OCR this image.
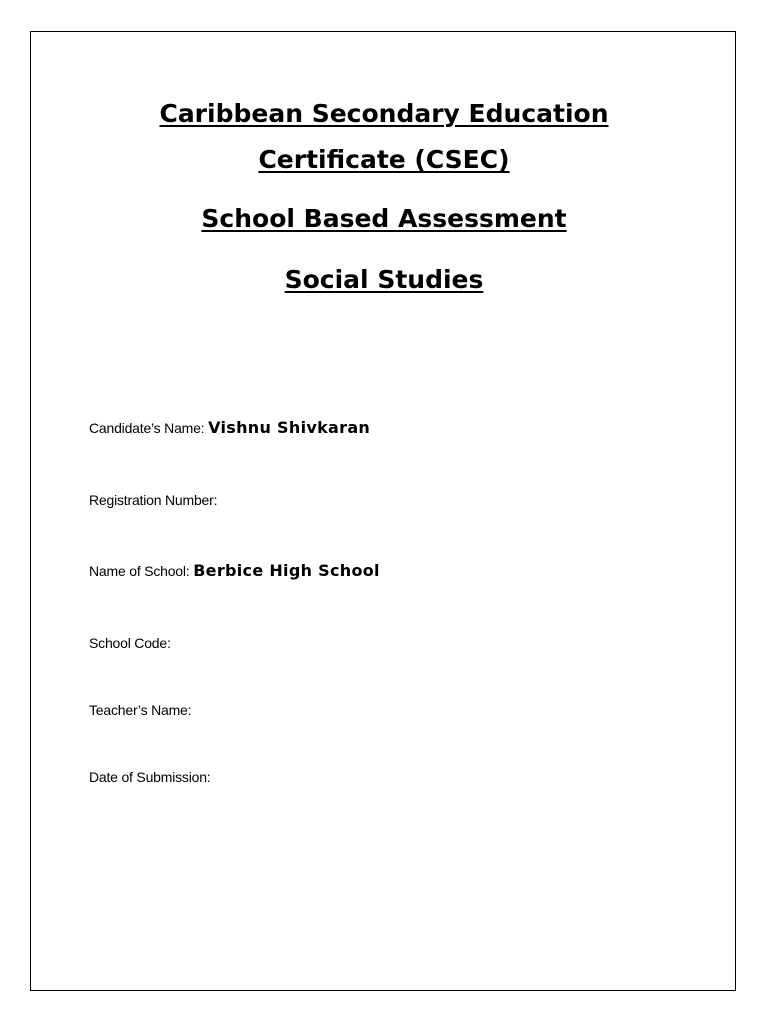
Caribbean Secondary Education
Certificate (CSEC)
School Based Assessment
Social Studies
Candidate’s Name: Vishnu Shivkaran
Registration Number:
Name of School: Berbice High School
School Code:
Teacher’s Name:
Date of Submission:
